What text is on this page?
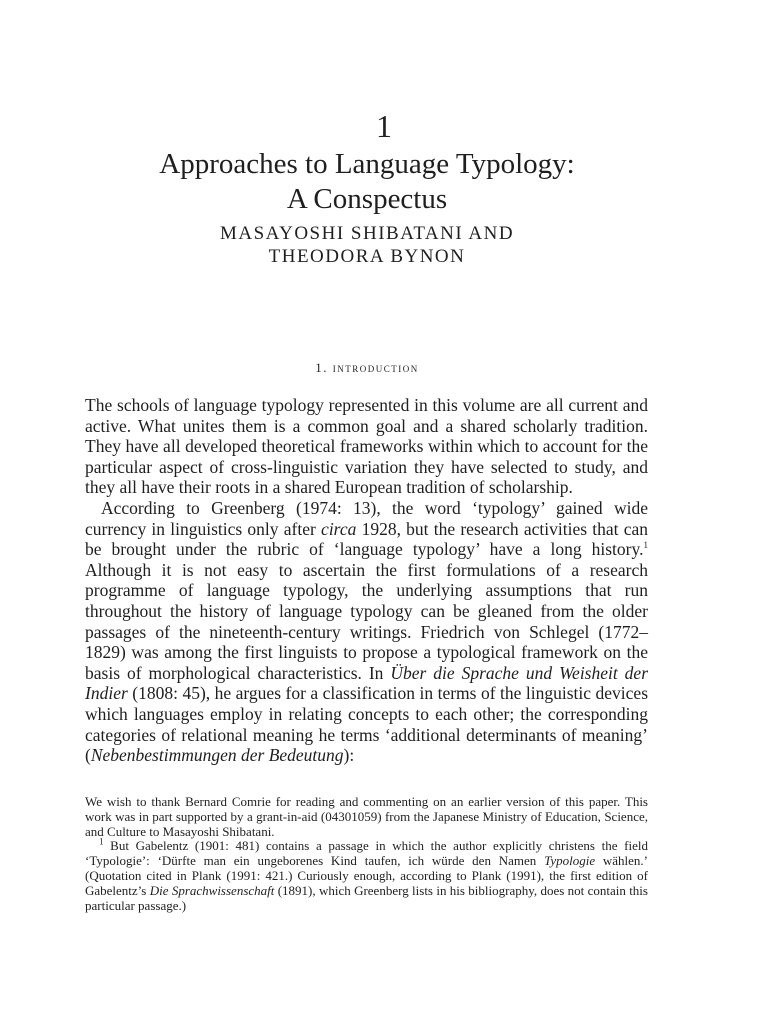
1
Approaches to Language Typology:
A Conspectus
MASAYOSHI SHIBATANI AND
THEODORA BYNON
1. introduction

The schools of language typology represented in this volume are all current and active. What unites them is a common goal and a shared scholarly tradition. They have all developed theoretical frameworks within which to account for the particular aspect of cross-linguistic variation they have selected to study, and they all have their roots in a shared European tradition of scholarship.

According to Greenberg (1974: 13), the word ‘typology’ gained wide currency in linguistics only after circa 1928, but the research activities that can be brought under the rubric of ‘language typology’ have a long history.$^1$ Although it is not easy to ascertain the first formulations of a research programme of language typology, the underlying assumptions that run throughout the history of language typology can be gleaned from the older passages of the nineteenth-century writings. Friedrich von Schlegel (1772–1829) was among the first linguists to propose a typological framework on the basis of morphological characteristics. In Über die Sprache und Weisheit der Indier (1808: 45), he argues for a classification in terms of the linguistic devices which languages employ in relating concepts to each other; the corresponding categories of relational meaning he terms ‘additional determinants of meaning’ (Nebenbestimmungen der Bedeutung):

We wish to thank Bernard Comrie for reading and commenting on an earlier version of this paper. This work was in part supported by a grant-in-aid (04301059) from the Japanese Ministry of Education, Science, and Culture to Masayoshi Shibatani.

$^1$ But Gabelentz (1901: 481) contains a passage in which the author explicitly christens the field ‘Typologie’: ‘Dürfte man ein ungeborenes Kind taufen, ich würde den Namen Typologie wählen.’ (Quotation cited in Plank (1991: 421.) Curiously enough, according to Plank (1991), the first edition of Gabelentz’s Die Sprachwissenschaft (1891), which Greenberg lists in his bibliography, does not contain this particular passage.)
